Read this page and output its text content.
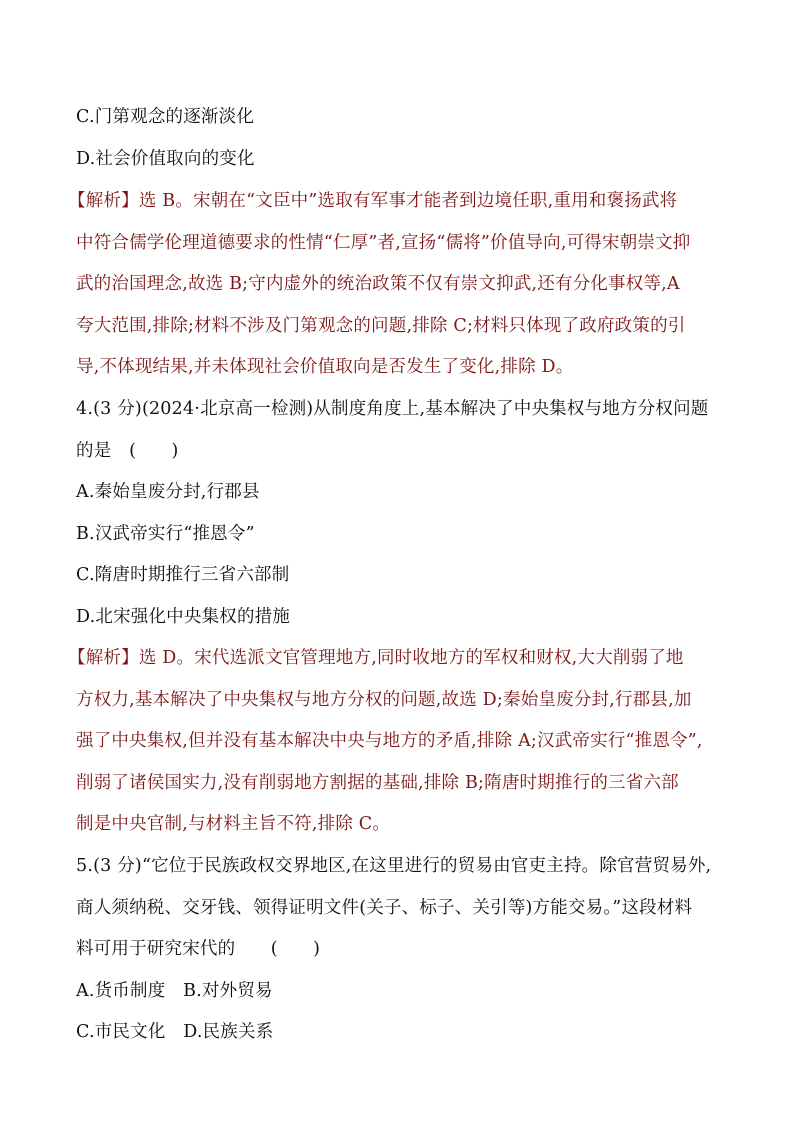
C.门第观念的逐渐淡化
D.社会价值取向的变化
【解析】选 B。宋朝在“文臣中”选取有军事才能者到边境任职,重用和褒扬武将
中符合儒学伦理道德要求的性情“仁厚”者,宣扬“儒将”价值导向,可得宋朝崇文抑
武的治国理念,故选 B;守内虚外的统治政策不仅有崇文抑武,还有分化事权等,A
夸大范围,排除;材料不涉及门第观念的问题,排除 C;材料只体现了政府政策的引
导,不体现结果,并未体现社会价值取向是否发生了变化,排除 D。
4.(3 分)(2024·北京高一检测)从制度角度上,基本解决了中央集权与地方分权问题
的是　(　　)
A.秦始皇废分封,行郡县
B.汉武帝实行“推恩令”
C.隋唐时期推行三省六部制
D.北宋强化中央集权的措施
【解析】选 D。宋代选派文官管理地方,同时收地方的军权和财权,大大削弱了地
方权力,基本解决了中央集权与地方分权的问题,故选 D;秦始皇废分封,行郡县,加
强了中央集权,但并没有基本解决中央与地方的矛盾,排除 A;汉武帝实行“推恩令”,
削弱了诸侯国实力,没有削弱地方割据的基础,排除 B;隋唐时期推行的三省六部
制是中央官制,与材料主旨不符,排除 C。
5.(3 分)“它位于民族政权交界地区,在这里进行的贸易由官吏主持。除官营贸易外,
商人须纳税、交牙钱、领得证明文件(关子、标子、关引等)方能交易。”这段材料
料可用于研究宋代的　　(　　)
A.货币制度　B.对外贸易
C.市民文化　D.民族关系
